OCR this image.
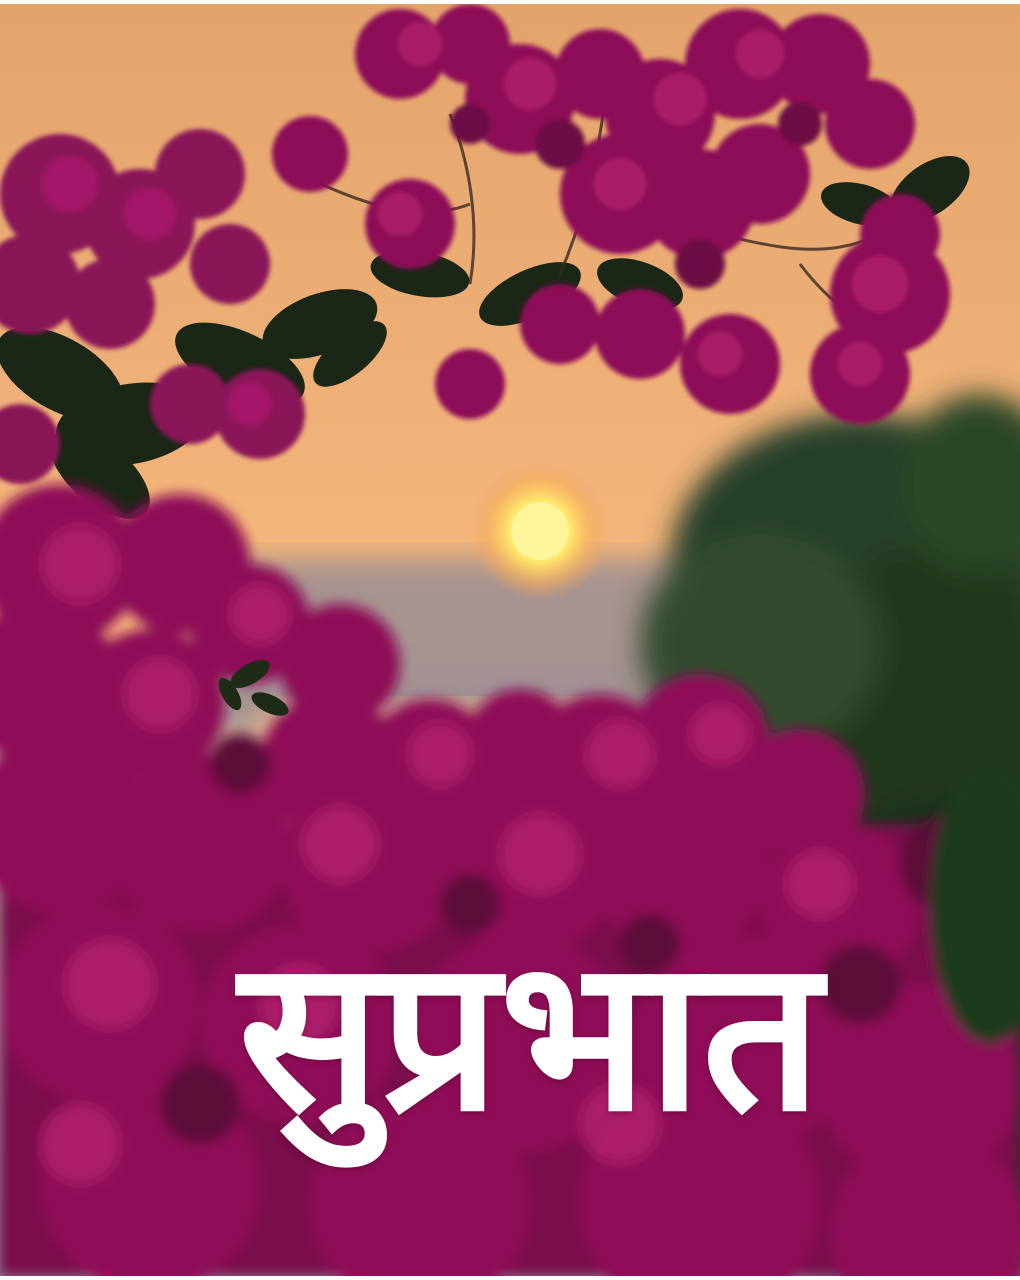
सुप्रभात
